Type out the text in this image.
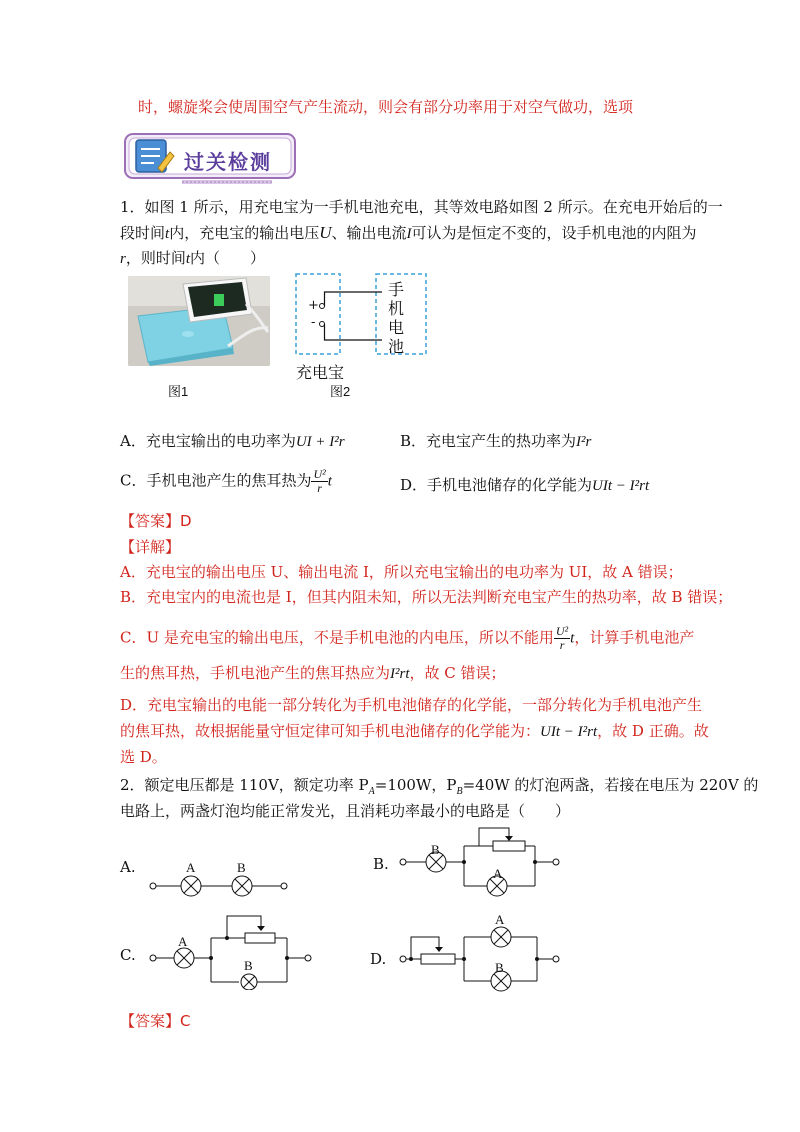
时，螺旋桨会使周围空气产生流动，则会有部分功率用于对空气做功，选项
过关检测
1．如图 1 所示，用充电宝为一手机电池充电，其等效电路如图 2 所示。在充电开始后的一
段时间t内，充电宝的输出电压U、输出电流I可认为是恒定不变的，设手机电池的内阻为
r，则时间t内（　　）
图1
+
-
手
机
电
池
充电宝
图2
A．充电宝输出的电功率为UI + I²r	B．充电宝产生的热功率为I²r
C．手机电池产生的焦耳热为 $\frac{\text{U²}}{r}$ t	D．手机电池储存的化学能为UIt − I²rt
【答案】D
【详解】
A．充电宝的输出电压 U、输出电流 I，所以充电宝输出的电功率为 UI，故 A 错误；
B．充电宝内的电流也是 I，但其内阻未知，所以无法判断充电宝产生的热功率，故 B 错误；
C．U 是充电宝的输出电压，不是手机电池的内电压，所以不能用 $\frac{\text{U²}}{r}$ t，计算手机电池产
生的焦耳热，手机电池产生的焦耳热应为I²rt，故 C 错误；
D．充电宝输出的电能一部分转化为手机电池储存的化学能，一部分转化为手机电池产生
的焦耳热，故根据能量守恒定律可知手机电池储存的化学能为：UIt − I²rt，故 D 正确。故
选 D。
2．额定电压都是 110V，额定功率 $P_A=100W$，$P_B=40W$ 的灯泡两盏，若接在电压为 220V 的
电路上，两盏灯泡均能正常发光，且消耗功率最小的电路是（　　）
A.	A	B	B.
B
A
C.
A
B	D.
A
B
【答案】C
